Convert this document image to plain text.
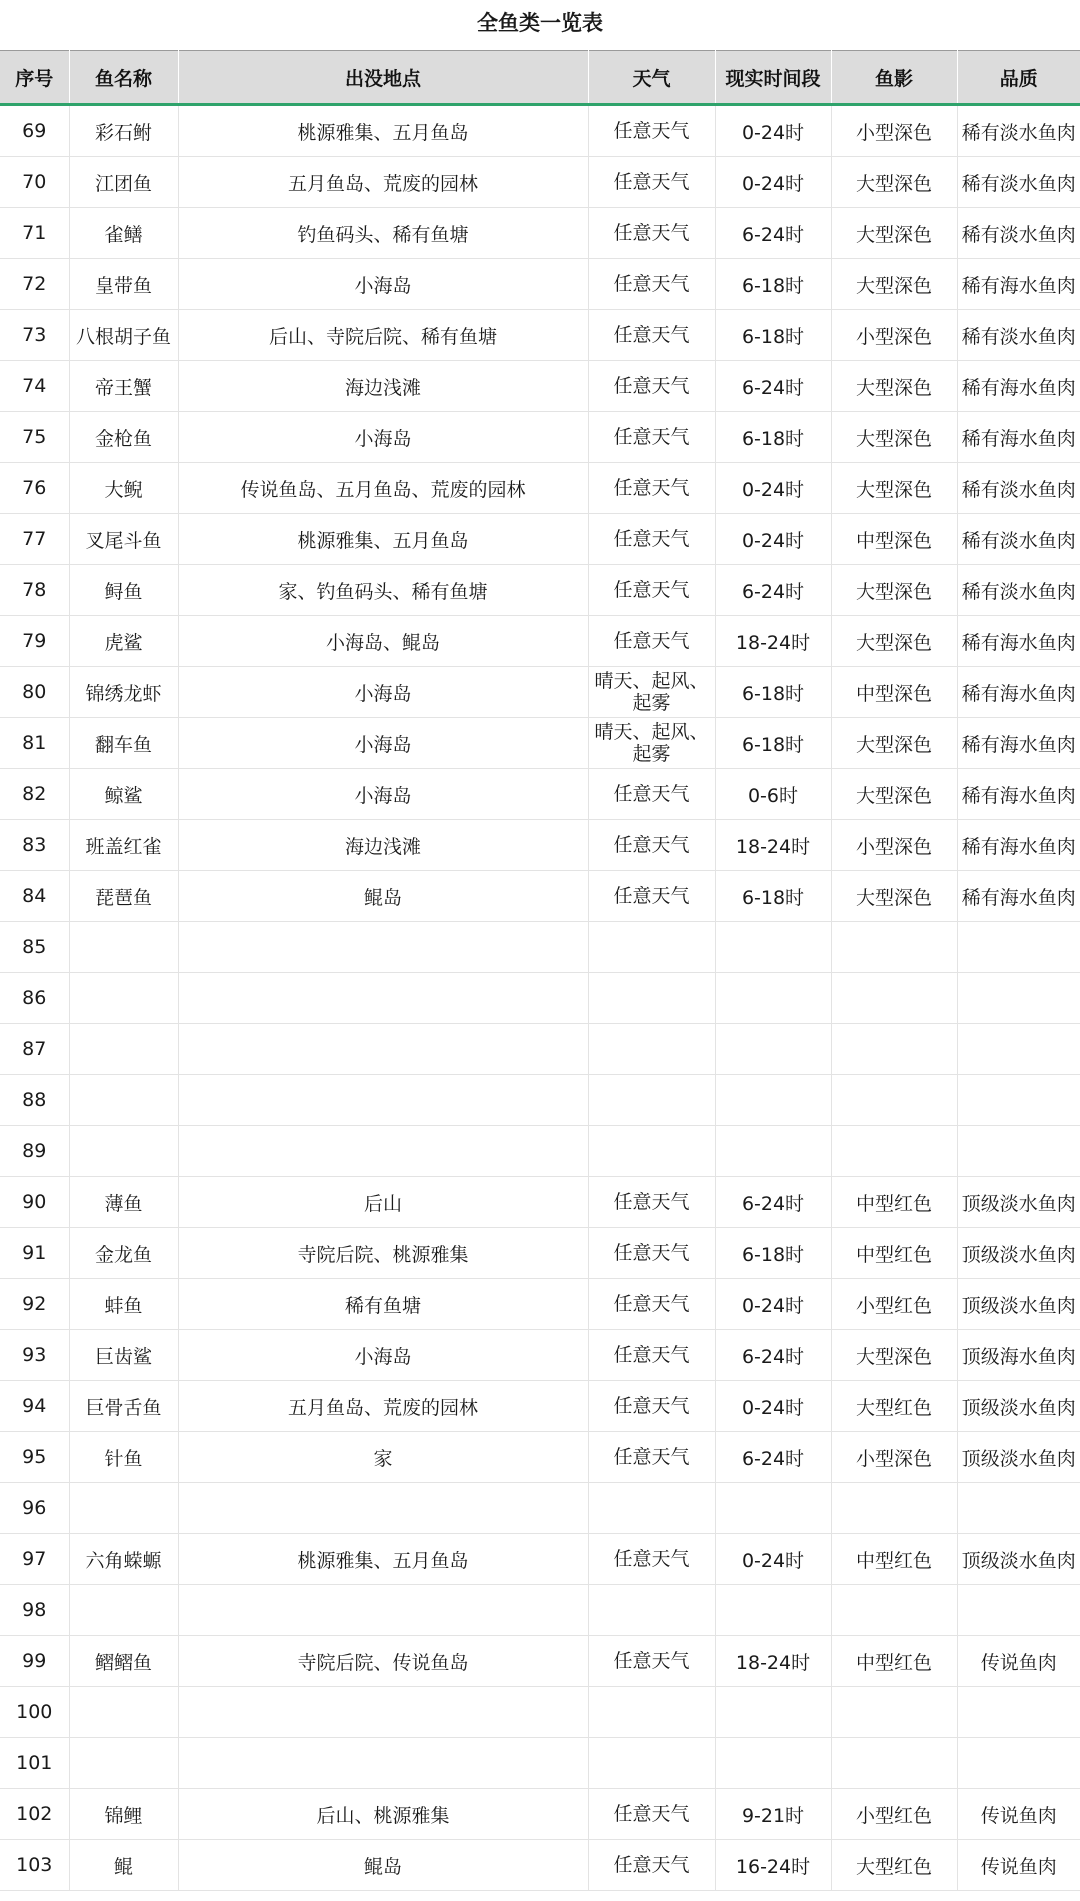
全鱼类一览表
序号	鱼名称	出没地点	天气	现实时间段	鱼影	品质
69	彩石鲋	桃源雅集、五月鱼岛	任意天气	0-24时	小型深色	稀有淡水鱼肉
70	江团鱼	五月鱼岛、荒废的园林	任意天气	0-24时	大型深色	稀有淡水鱼肉
71	雀鳝	钓鱼码头、稀有鱼塘	任意天气	6-24时	大型深色	稀有淡水鱼肉
72	皇带鱼	小海岛	任意天气	6-18时	大型深色	稀有海水鱼肉
73	八根胡子鱼	后山、寺院后院、稀有鱼塘	任意天气	6-18时	小型深色	稀有淡水鱼肉
74	帝王蟹	海边浅滩	任意天气	6-24时	大型深色	稀有海水鱼肉
75	金枪鱼	小海岛	任意天气	6-18时	大型深色	稀有海水鱼肉
76	大鲵	传说鱼岛、五月鱼岛、荒废的园林	任意天气	0-24时	大型深色	稀有淡水鱼肉
77	叉尾斗鱼	桃源雅集、五月鱼岛	任意天气	0-24时	中型深色	稀有淡水鱼肉
78	鲟鱼	家、钓鱼码头、稀有鱼塘	任意天气	6-24时	大型深色	稀有淡水鱼肉
79	虎鲨	小海岛、鲲岛	任意天气	18-24时	大型深色	稀有海水鱼肉
80	锦绣龙虾	小海岛	晴天、起风、起雾	6-18时	中型深色	稀有海水鱼肉
81	翻车鱼	小海岛	晴天、起风、起雾	6-18时	大型深色	稀有海水鱼肉
82	鲸鲨	小海岛	任意天气	0-6时	大型深色	稀有海水鱼肉
83	班盖红雀	海边浅滩	任意天气	18-24时	小型深色	稀有海水鱼肉
84	琵琶鱼	鲲岛	任意天气	6-18时	大型深色	稀有海水鱼肉
85						
86						
87						
88						
89						
90	薄鱼	后山	任意天气	6-24时	中型红色	顶级淡水鱼肉
91	金龙鱼	寺院后院、桃源雅集	任意天气	6-18时	中型红色	顶级淡水鱼肉
92	蚌鱼	稀有鱼塘	任意天气	0-24时	小型红色	顶级淡水鱼肉
93	巨齿鲨	小海岛	任意天气	6-24时	大型深色	顶级海水鱼肉
94	巨骨舌鱼	五月鱼岛、荒废的园林	任意天气	0-24时	大型红色	顶级淡水鱼肉
95	针鱼	家	任意天气	6-24时	小型深色	顶级淡水鱼肉
96						
97	六角蝾螈	桃源雅集、五月鱼岛	任意天气	0-24时	中型红色	顶级淡水鱼肉
98						
99	鳛鳛鱼	寺院后院、传说鱼岛	任意天气	18-24时	中型红色	传说鱼肉
100						
101						
102	锦鲤	后山、桃源雅集	任意天气	9-21时	小型红色	传说鱼肉
103	鲲	鲲岛	任意天气	16-24时	大型红色	传说鱼肉
